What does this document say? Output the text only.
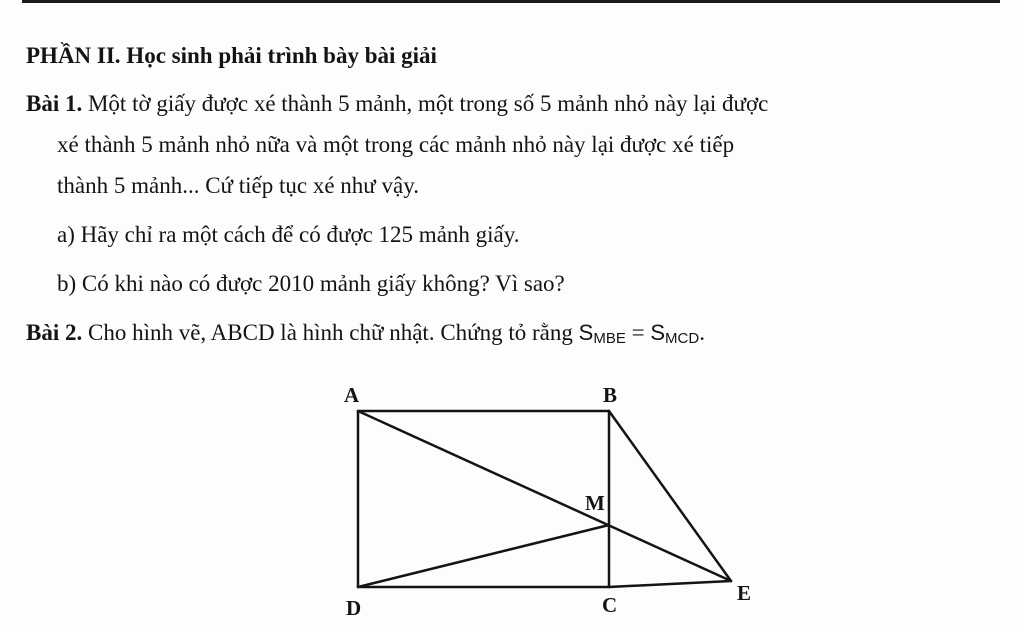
PHẦN II. Học sinh phải trình bày bài giải
Bài 1. Một tờ giấy được xé thành 5 mảnh, một trong số 5 mảnh nhỏ này lại được
xé thành 5 mảnh nhỏ nữa và một trong các mảnh nhỏ này lại được xé tiếp
thành 5 mảnh... Cứ tiếp tục xé như vậy.
a) Hãy chỉ ra một cách để có được 125 mảnh giấy.
b) Có khi nào có được 2010 mảnh giấy không? Vì sao?
Bài 2. Cho hình vẽ, ABCD là hình chữ nhật. Chứng tỏ rằng $S_{MBE} = S_{MCD}$.
A	B
M
D	C	E
